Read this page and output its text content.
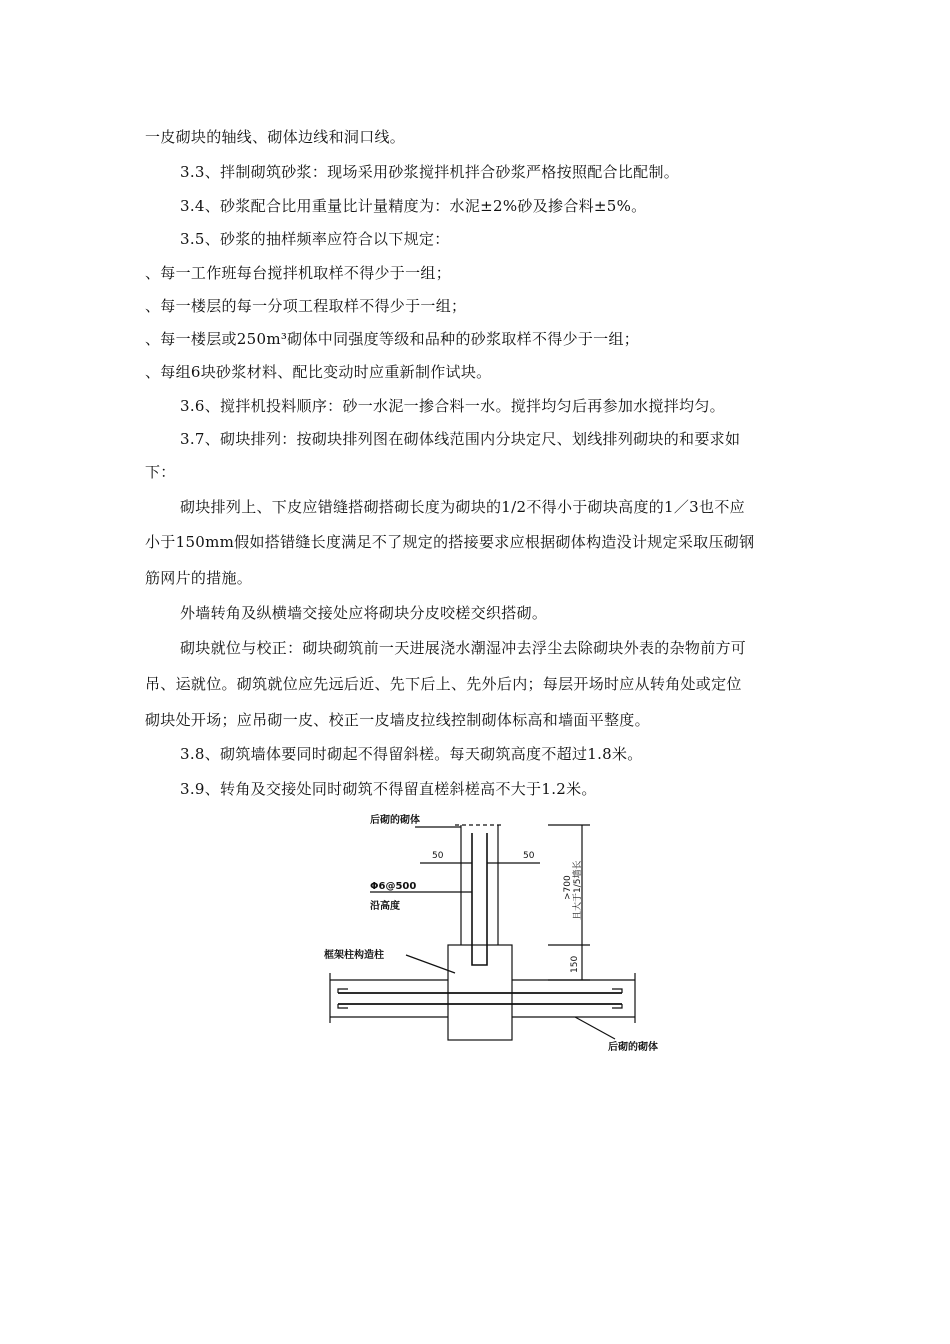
一皮砌块的轴线、砌体边线和洞口线。
3.3、拌制砌筑砂浆：现场采用砂浆搅拌机拌合砂浆严格按照配合比配制。
3.4、砂浆配合比用重量比计量精度为：水泥±2%砂及掺合料±5%。
3.5、砂浆的抽样频率应符合以下规定：
、每一工作班每台搅拌机取样不得少于一组；
、每一楼层的每一分项工程取样不得少于一组；
、每一楼层或250m³砌体中同强度等级和品种的砂浆取样不得少于一组；
、每组6块砂浆材料、配比变动时应重新制作试块。
3.6、搅拌机投料顺序：砂一水泥一掺合料一水。搅拌均匀后再参加水搅拌均匀。
3.7、砌块排列：按砌块排列图在砌体线范围内分块定尺、划线排列砌块的和要求如
下：
砌块排列上、下皮应错缝搭砌搭砌长度为砌块的1/2不得小于砌块高度的1／3也不应
小于150mm假如搭错缝长度满足不了规定的搭接要求应根据砌体构造没计规定采取压砌钢
筋网片的措施。
外墙转角及纵横墙交接处应将砌块分皮咬槎交织搭砌。
砌块就位与校正：砌块砌筑前一天进展浇水潮湿冲去浮尘去除砌块外表的杂物前方可
吊、运就位。砌筑就位应先远后近、先下后上、先外后内；每层开场时应从转角处或定位
砌块处开场；应吊砌一皮、校正一皮墙皮拉线控制砌体标高和墙面平整度。
3.8、砌筑墙体要同时砌起不得留斜槎。每天砌筑高度不超过1.8米。
3.9、转角及交接处同时砌筑不得留直槎斜槎高不大于1.2米。
后砌的砌体
50	50
Φ6@500
沿高度
框架柱构造柱
>700 且大于1/5墙长
150
后砌的砌体
